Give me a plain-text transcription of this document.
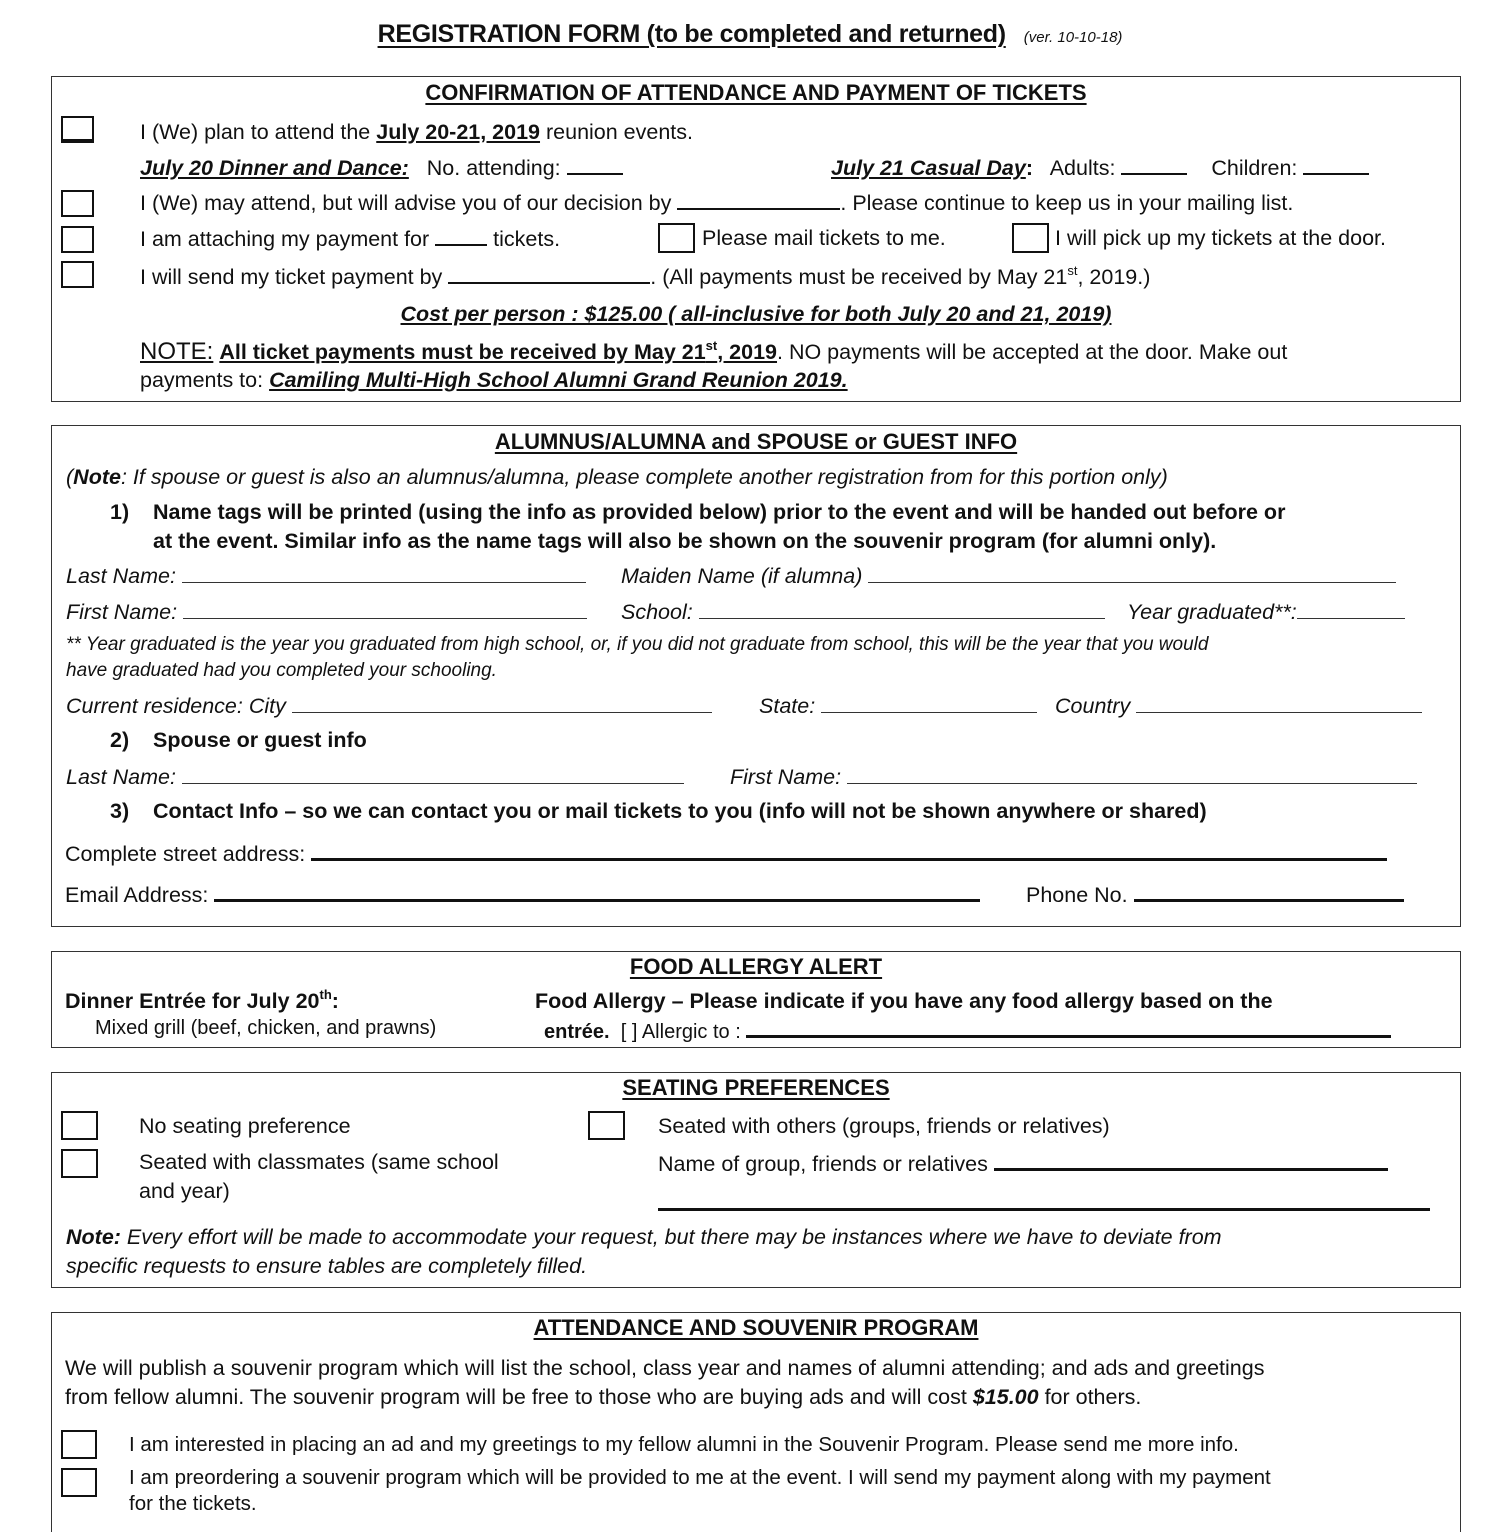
REGISTRATION FORM (to be completed and returned) (ver. 10-10-18)
CONFIRMATION OF ATTENDANCE AND PAYMENT OF TICKETS
I (We) plan to attend the July 20-21, 2019 reunion events.
July 20 Dinner and Dance: No. attending:	July 21 Casual Day: Adults:	Children:
I (We) may attend, but will advise you of our decision by	. Please continue to keep us in your mailing list.
I am attaching my payment for	tickets.	Please mail tickets to me.	I will pick up my tickets at the door.
I will send my ticket payment by	. (All payments must be received by May 21st, 2019.)
Cost per person : $125.00 ( all-inclusive for both July 20 and 21, 2019)
NOTE: All ticket payments must be received by May 21st, 2019. NO payments will be accepted at the door. Make out
payments to: Camiling Multi-High School Alumni Grand Reunion 2019.
ALUMNUS/ALUMNA and SPOUSE or GUEST INFO
(Note: If spouse or guest is also an alumnus/alumna, please complete another registration from for this portion only)
1) Name tags will be printed (using the info as provided below) prior to the event and will be handed out before or
at the event. Similar info as the name tags will also be shown on the souvenir program (for alumni only).
Last Name:	Maiden Name (if alumna)
First Name:	School:	Year graduated**:
** Year graduated is the year you graduated from high school, or, if you did not graduate from school, this will be the year that you would
have graduated had you completed your schooling.
Current residence: City	State:	Country
2) Spouse or guest info
Last Name:	First Name:
3) Contact Info – so we can contact you or mail tickets to you (info will not be shown anywhere or shared)
Complete street address:
Email Address:	Phone No.
FOOD ALLERGY ALERT
Dinner Entrée for July 20th:
Mixed grill (beef, chicken, and prawns)
Food Allergy – Please indicate if you have any food allergy based on the
entrée. [ ] Allergic to :
SEATING PREFERENCES
No seating preference	Seated with others (groups, friends or relatives)
Seated with classmates (same school
and year)
Name of group, friends or relatives
Note: Every effort will be made to accommodate your request, but there may be instances where we have to deviate from
specific requests to ensure tables are completely filled.
ATTENDANCE AND SOUVENIR PROGRAM
We will publish a souvenir program which will list the school, class year and names of alumni attending; and ads and greetings
from fellow alumni. The souvenir program will be free to those who are buying ads and will cost $15.00 for others.
I am interested in placing an ad and my greetings to my fellow alumni in the Souvenir Program. Please send me more info.
I am preordering a souvenir program which will be provided to me at the event. I will send my payment along with my payment
for the tickets.
